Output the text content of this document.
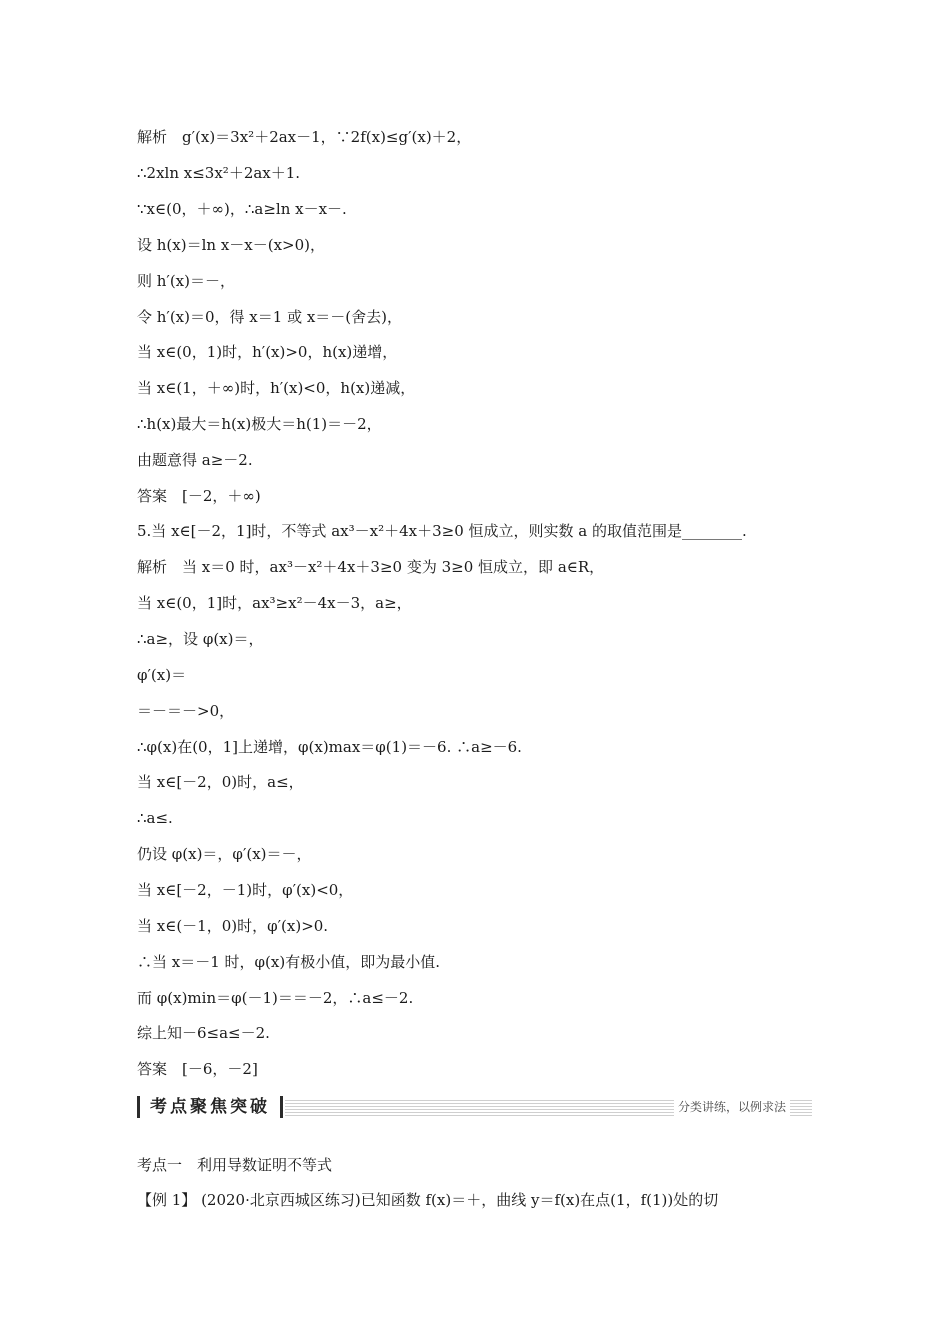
解析　g′(x)＝3x²＋2ax－1，∵2f(x)≤g′(x)＋2，
∴2xln x≤3x²＋2ax＋1.
∵x∈(0，＋∞)，∴a≥ln x－x－.
设 h(x)＝ln x－x－(x>0)，
则 h′(x)＝－，
令 h′(x)＝0，得 x＝1 或 x＝－(舍去)，
当 x∈(0，1)时，h′(x)>0，h(x)递增，
当 x∈(1，＋∞)时，h′(x)<0，h(x)递减，
∴h(x)最大＝h(x)极大＝h(1)＝－2，
由题意得 a≥－2.
答案　[－2，＋∞)
5.当 x∈[－2，1]时，不等式 ax³－x²＋4x＋3≥0 恒成立，则实数 a 的取值范围是________.
解析　当 x＝0 时，ax³－x²＋4x＋3≥0 变为 3≥0 恒成立，即 a∈R，
当 x∈(0，1]时，ax³≥x²－4x－3，a≥，
∴a≥，设 φ(x)＝，
φ′(x)＝
＝－＝－>0，
∴φ(x)在(0，1]上递增，φ(x)max＝φ(1)＝－6. ∴a≥－6.
当 x∈[－2，0)时，a≤，
∴a≤.
仍设 φ(x)＝，φ′(x)＝－，
当 x∈[－2，－1)时，φ′(x)<0，
当 x∈(－1，0)时，φ′(x)>0.
∴当 x＝－1 时，φ(x)有极小值，即为最小值.
而 φ(x)min＝φ(－1)＝＝－2，∴a≤－2.
综上知－6≤a≤－2.
答案　[－6，－2]
考点聚焦突破	分类讲练，以例求法
考点一　利用导数证明不等式
【例 1】 (2020·北京西城区练习)已知函数 f(x)＝＋，曲线 y＝f(x)在点(1，f(1))处的切
